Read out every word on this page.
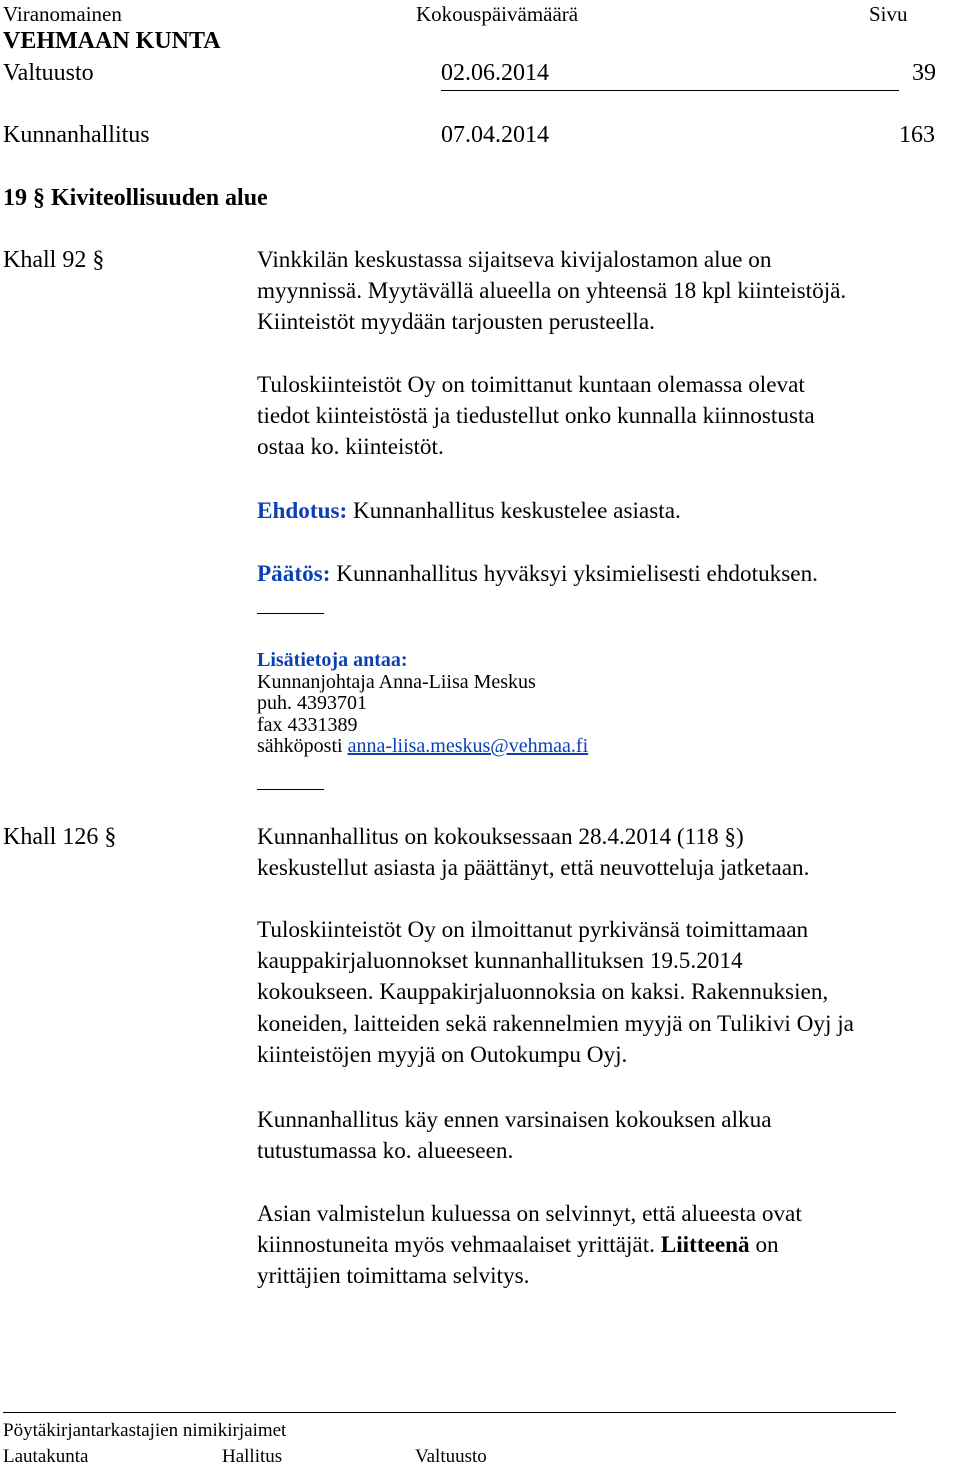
Viranomainen	Kokouspäivämäärä	Sivu
VEHMAAN KUNTA
Valtuusto	02.06.2014	39
Kunnanhallitus	07.04.2014	163
19 § Kiviteollisuuden alue
Khall 92 §	Vinkkilän keskustassa sijaitseva kivijalostamon alue on
myynnissä. Myytävällä alueella on yhteensä 18 kpl kiinteistöjä.
Kiinteistöt myydään tarjousten perusteella.
Tuloskiinteistöt Oy on toimittanut kuntaan olemassa olevat
tiedot kiinteistöstä ja tiedustellut onko kunnalla kiinnostusta
ostaa ko. kiinteistöt.
Ehdotus: Kunnanhallitus keskustelee asiasta.
Päätös: Kunnanhallitus hyväksyi yksimielisesti ehdotuksen.
Lisätietoja antaa:
Kunnanjohtaja Anna-Liisa Meskus
puh. 4393701
fax 4331389
sähköposti anna-liisa.meskus@vehmaa.fi
Khall 126 §	Kunnanhallitus on kokouksessaan 28.4.2014 (118 §)
keskustellut asiasta ja päättänyt, että neuvotteluja jatketaan.
Tuloskiinteistöt Oy on ilmoittanut pyrkivänsä toimittamaan
kauppakirjaluonnokset kunnanhallituksen 19.5.2014
kokoukseen. Kauppakirjaluonnoksia on kaksi. Rakennuksien,
koneiden, laitteiden sekä rakennelmien myyjä on Tulikivi Oyj ja
kiinteistöjen myyjä on Outokumpu Oyj.
Kunnanhallitus käy ennen varsinaisen kokouksen alkua
tutustumassa ko. alueeseen.
Asian valmistelun kuluessa on selvinnyt, että alueesta ovat
kiinnostuneita myös vehmaalaiset yrittäjät. Liitteenä on
yrittäjien toimittama selvitys.
Pöytäkirjantarkastajien nimikirjaimet
Lautakunta	Hallitus	Valtuusto
